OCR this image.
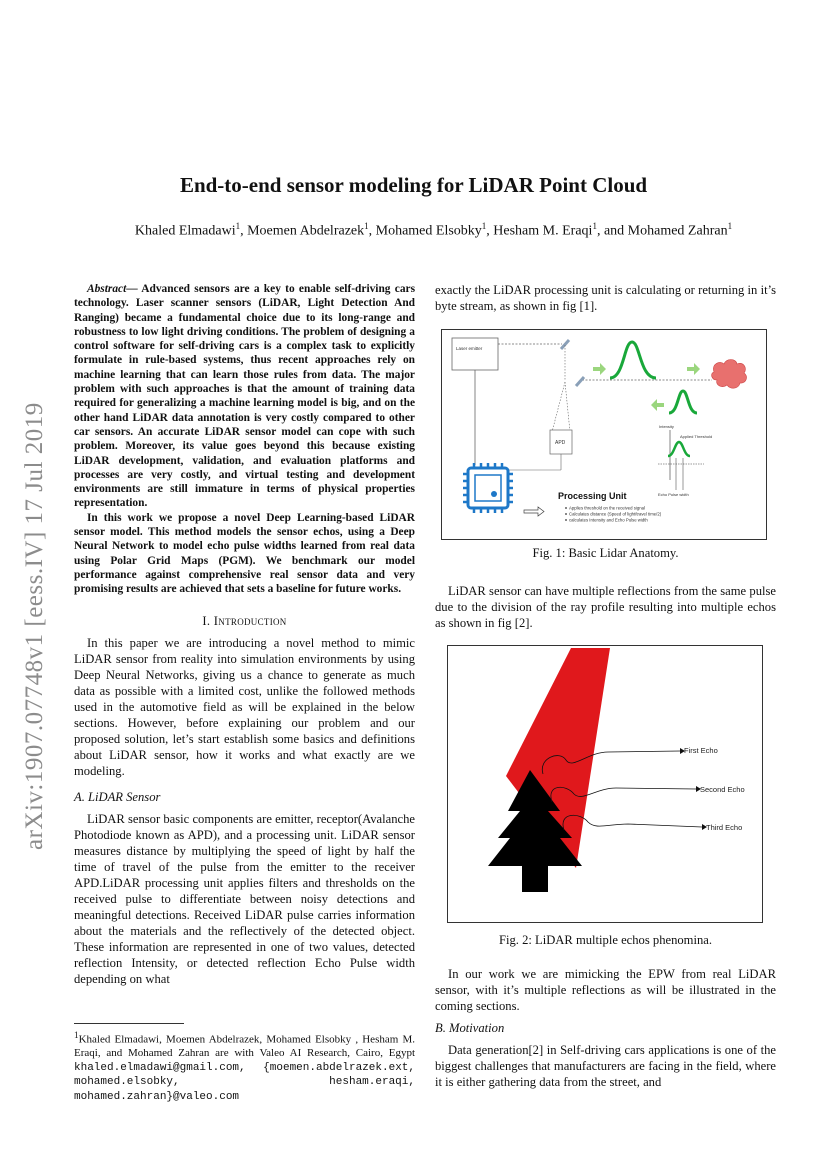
arXiv:1907.07748v1 [eess.IV] 17 Jul 2019
End-to-end sensor modeling for LiDAR Point Cloud
Khaled Elmadawi$^1$, Moemen Abdelrazek$^1$, Mohamed Elsobky$^1$, Hesham M. Eraqi$^1$, and Mohamed Zahran$^1$

Abstract— Advanced sensors are a key to enable self-driving cars technology. Laser scanner sensors (LiDAR, Light Detection And Ranging) became a fundamental choice due to its long-range and robustness to low light driving conditions. The problem of designing a control software for self-driving cars is a complex task to explicitly formulate in rule-based systems, thus recent approaches rely on machine learning that can learn those rules from data. The major problem with such approaches is that the amount of training data required for generalizing a machine learning model is big, and on the other hand LiDAR data annotation is very costly compared to other car sensors. An accurate LiDAR sensor model can cope with such problem. Moreover, its value goes beyond this because existing LiDAR development, validation, and evaluation platforms and processes are very costly, and virtual testing and development environments are still immature in terms of physical properties representation.

In this work we propose a novel Deep Learning-based LiDAR sensor model. This method models the sensor echos, using a Deep Neural Network to model echo pulse widths learned from real data using Polar Grid Maps (PGM). We benchmark our model performance against comprehensive real sensor data and very promising results are achieved that sets a baseline for future works.

I. Introduction

In this paper we are introducing a novel method to mimic LiDAR sensor from reality into simulation environments by using Deep Neural Networks, giving us a chance to generate as much data as possible with a limited cost, unlike the followed methods used in the automotive field as will be explained in the below sections. However, before explaining our problem and our proposed solution, let’s start establish some basics and definitions about LiDAR sensor, how it works and what exactly are we modeling.

A. LiDAR Sensor

LiDAR sensor basic components are emitter, receptor(Avalanche Photodiode known as APD), and a processing unit. LiDAR sensor measures distance by multiplying the speed of light by half the time of travel of the pulse from the emitter to the receiver APD.LiDAR processing unit applies filters and thresholds on the received pulse to differentiate between noisy detections and meaningful detections. Received LiDAR pulse carries information about the materials and the reflectively of the detected object. These information are represented in one of two values, detected reflection Intensity, or detected reflection Echo Pulse width depending on what

$^1$Khaled Elmadawi, Moemen Abdelrazek, Mohamed Elsobky , Hesham M. Eraqi, and Mohamed Zahran are with Valeo AI Research, Cairo, Egypt khaled.elmadawi@gmail.com, {moemen.abdelrazek.ext, mohamed.elsobky,	hesham.eraqi, mohamed.zahran}@valeo.com

exactly the LiDAR processing unit is calculating or returning in it’s byte stream, as shown in fig [1].

Laser emitter
APD
Processing Unit
Applies threshold on the received signal
Calculates distance (Speed of light/travel time/2)
calculates Intensity and Echo Pulse width
Intensity
Applied Threshold
Echo Pulse width
Fig. 1: Basic Lidar Anatomy.

LiDAR sensor can have multiple reflections from the same pulse due to the division of the ray profile resulting into multiple echos as shown in fig [2].

First Echo
Second Echo
Third Echo
Fig. 2: LiDAR multiple echos phenomina.

In our work we are mimicking the EPW from real LiDAR sensor, with it’s multiple reflections as will be illustrated in the coming sections.

B. Motivation

Data generation[2] in Self-driving cars applications is one of the biggest challenges that manufacturers are facing in the field, where it is either gathering data from the street, and
